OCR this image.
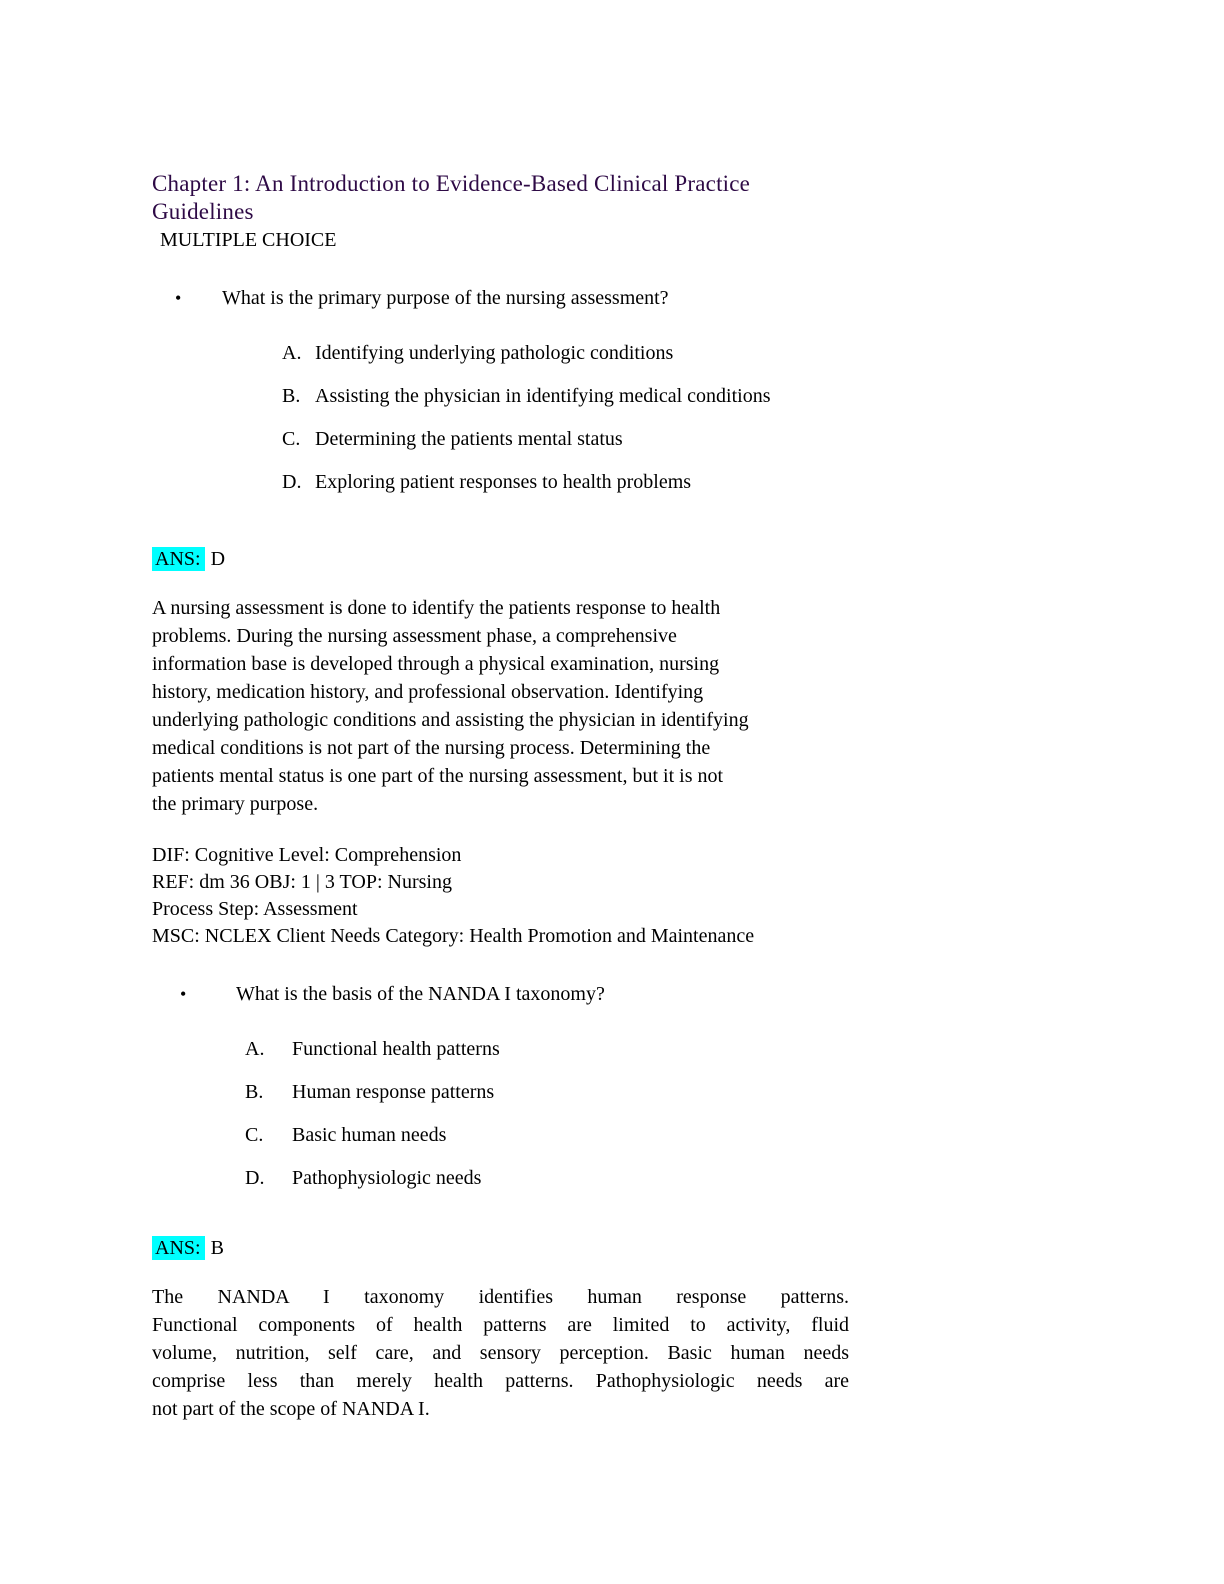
Chapter 1: An Introduction to Evidence-Based Clinical Practice Guidelines
MULTIPLE CHOICE
•	What is the primary purpose of the nursing assessment?
A. Identifying underlying pathologic conditions
B. Assisting the physician in identifying medical conditions
C. Determining the patients mental status
D. Exploring patient responses to health problems
ANS: D
A nursing assessment is done to identify the patients response to health
problems. During the nursing assessment phase, a comprehensive
information base is developed through a physical examination, nursing
history, medication history, and professional observation. Identifying
underlying pathologic conditions and assisting the physician in identifying
medical conditions is not part of the nursing process. Determining the
patients mental status is one part of the nursing assessment, but it is not
the primary purpose.
DIF: Cognitive Level: Comprehension
REF: dm 36 OBJ: 1 | 3 TOP: Nursing
Process Step: Assessment
MSC: NCLEX Client Needs Category: Health Promotion and Maintenance
•	What is the basis of the NANDA I taxonomy?
A.	Functional health patterns
B.	Human response patterns
C.	Basic human needs
D.	Pathophysiologic needs
ANS: B
The NANDA I taxonomy identifies human response patterns.
Functional components of health patterns are limited to activity, fluid
volume, nutrition, self care, and sensory perception. Basic human needs
comprise less than merely health patterns. Pathophysiologic needs are
not part of the scope of NANDA I.
